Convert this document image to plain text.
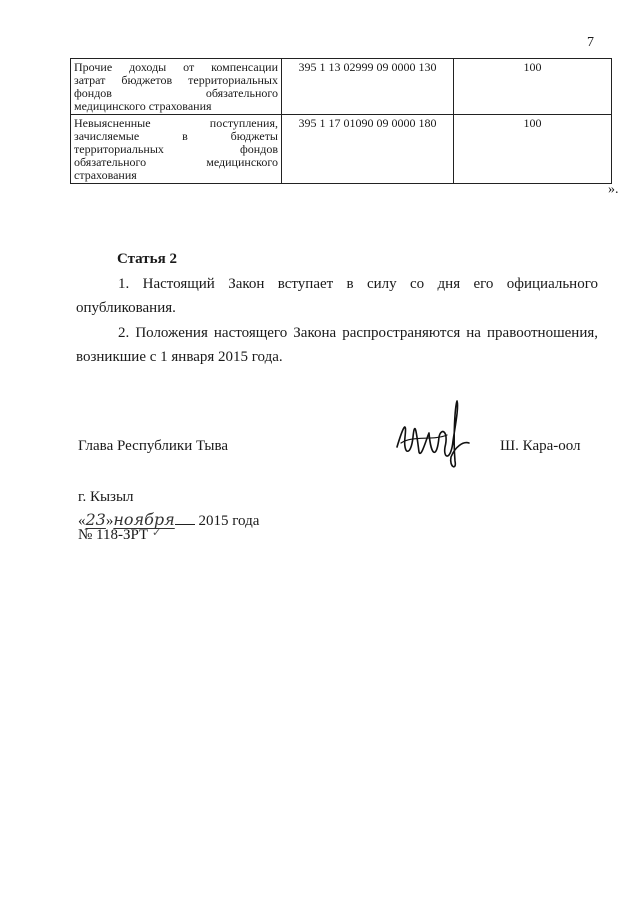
7
Прочие доходы от компенсации
затрат бюджетов территориальных
фондов обязательного

медицинского страхования	395 1 13 02999 09 0000 130	100
Невыясненные поступления,
зачисляемые в бюджеты
территориальных фондов
обязательного медицинского

страхования	395 1 17 01090 09 0000 180	100
».
Статья 2
1. Настоящий Закон вступает в силу со дня его официального опубликования.
2. Положения настоящего Закона распространяются на правоотношения, возникшие с 1 января 2015 года.
Глава Республики Тыва	Ш. Кара-оол
г. Кызыл
«23»ноября 2015 года
№ 118-ЗРТ ✓
